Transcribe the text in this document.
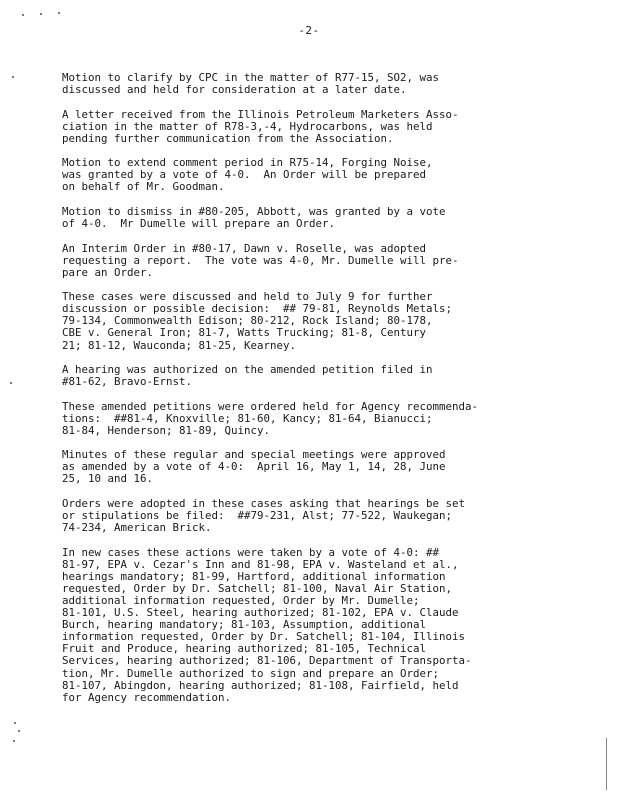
-2-

Motion to clarify by CPC in the matter of R77-15, SO2, was
discussed and held for consideration at a later date.

A letter received from the Illinois Petroleum Marketers Asso-
ciation in the matter of R78-3,-4, Hydrocarbons, was held
pending further communication from the Association.

Motion to extend comment period in R75-14, Forging Noise,
was granted by a vote of 4-0.  An Order will be prepared
on behalf of Mr. Goodman.

Motion to dismiss in #80-205, Abbott, was granted by a vote
of 4-0.  Mr Dumelle will prepare an Order.

An Interim Order in #80-17, Dawn v. Roselle, was adopted
requesting a report.  The vote was 4-0, Mr. Dumelle will pre-
pare an Order.

These cases were discussed and held to July 9 for further
discussion or possible decision:  ## 79-81, Reynolds Metals;
79-134, Commonwealth Edison; 80-212, Rock Island; 80-178,
CBE v. General Iron; 81-7, Watts Trucking; 81-8, Century
21; 81-12, Wauconda; 81-25, Kearney.

A hearing was authorized on the amended petition filed in
#81-62, Bravo-Ernst.

These amended petitions were ordered held for Agency recommenda-
tions:  ##81-4, Knoxville; 81-60, Kancy; 81-64, Bianucci;
81-84, Henderson; 81-89, Quincy.

Minutes of these regular and special meetings were approved
as amended by a vote of 4-0:  April 16, May 1, 14, 28, June
25, 10 and 16.

Orders were adopted in these cases asking that hearings be set
or stipulations be filed:  ##79-231, Alst; 77-522, Waukegan;
74-234, American Brick.

In new cases these actions were taken by a vote of 4-0: ##
81-97, EPA v. Cezar's Inn and 81-98, EPA v. Wasteland et al.,
hearings mandatory; 81-99, Hartford, additional information
requested, Order by Dr. Satchell; 81-100, Naval Air Station,
additional information requested, Order by Mr. Dumelle;
81-101, U.S. Steel, hearing authorized; 81-102, EPA v. Claude
Burch, hearing mandatory; 81-103, Assumption, additional
information requested, Order by Dr. Satchell; 81-104, Illinois
Fruit and Produce, hearing authorized; 81-105, Technical
Services, hearing authorized; 81-106, Department of Transporta-
tion, Mr. Dumelle authorized to sign and prepare an Order;
81-107, Abingdon, hearing authorized; 81-108, Fairfield, held
for Agency recommendation.
